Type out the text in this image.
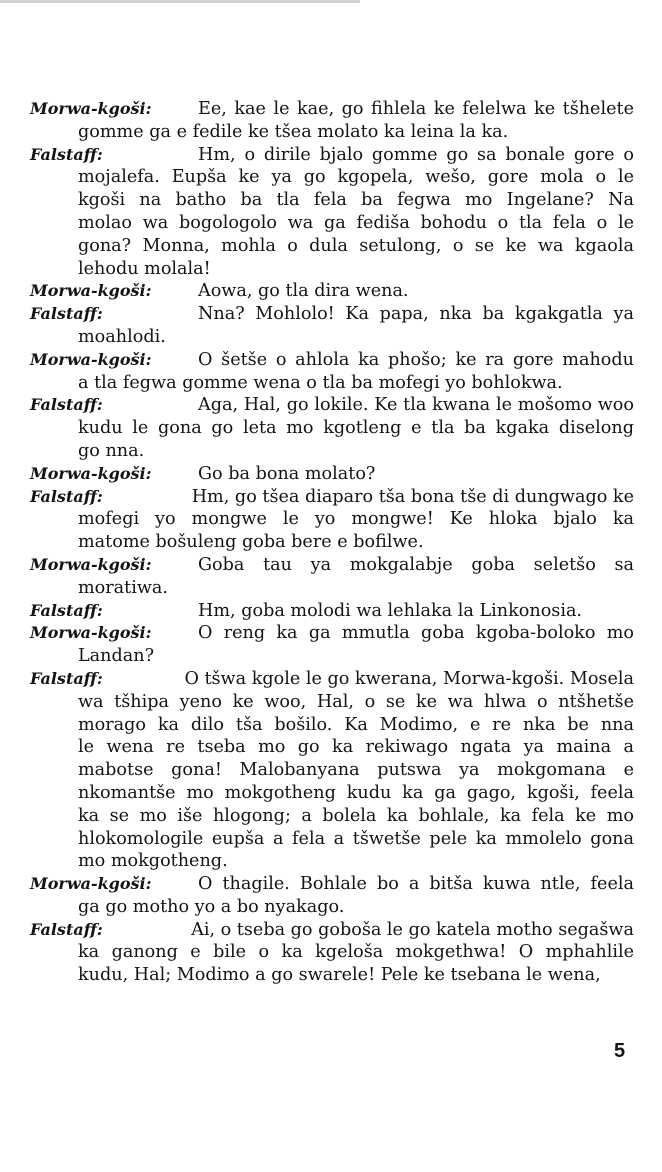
Morwa-kgoši:	Ee, kae le kae, go fihlela ke felelwa ke tšhelete
gomme ga e fedile ke tšea molato ka leina la ka.
Falstaff:	Hm, o dirile bjalo gomme go sa bonale gore o
mojalefa. Eupša ke ya go kgopela, wešo, gore mola o le
kgoši na batho ba tla fela ba fegwa mo Ingelane? Na
molao wa bogologolo wa ga fediša bohodu o tla fela o le
gona? Monna, mohla o dula setulong, o se ke wa kgaola
lehodu molala!
Morwa-kgoši:	Aowa, go tla dira wena.
Falstaff:	Nna? Mohlolo! Ka papa, nka ba kgakgatla ya
moahlodi.
Morwa-kgoši:	O šetše o ahlola ka phošo; ke ra gore mahodu
a tla fegwa gomme wena o tla ba mofegi yo bohlokwa.
Falstaff:	Aga, Hal, go lokile. Ke tla kwana le mošomo woo
kudu le gona go leta mo kgotleng e tla ba kgaka diselong
go nna.
Morwa-kgoši:	Go ba bona molato?
Falstaff:	Hm, go tšea diaparo tša bona tše di dungwago ke
mofegi yo mongwe le yo mongwe! Ke hloka bjalo ka
matome bošuleng goba bere e bofilwe.
Morwa-kgoši:	Goba tau ya mokgalabje goba seletšo sa
moratiwa.
Falstaff:	Hm, goba molodi wa lehlaka la Linkonosia.
Morwa-kgoši:	O reng ka ga mmutla goba kgoba-boloko mo
Landan?
Falstaff:	O tšwa kgole le go kwerana, Morwa-kgoši. Mosela
wa tšhipa yeno ke woo, Hal, o se ke wa hlwa o ntšhetše
morago ka dilo tša bošilo. Ka Modimo, e re nka be nna
le wena re tseba mo go ka rekiwago ngata ya maina a
mabotse gona! Malobanyana putswa ya mokgomana e
nkomantše mo mokgotheng kudu ka ga gago, kgoši, feela
ka se mo iše hlogong; a bolela ka bohlale, ka fela ke mo
hlokomologile eupša a fela a tšwetše pele ka mmolelo gona
mo mokgotheng.
Morwa-kgoši:	O thagile. Bohlale bo a bitša kuwa ntle, feela
ga go motho yo a bo nyakago.
Falstaff:	Ai, o tseba go goboša le go katela motho segašwa
ka ganong e bile o ka kgeloša mokgethwa! O mphahlile
kudu, Hal; Modimo a go swarele! Pele ke tsebana le wena,
5
